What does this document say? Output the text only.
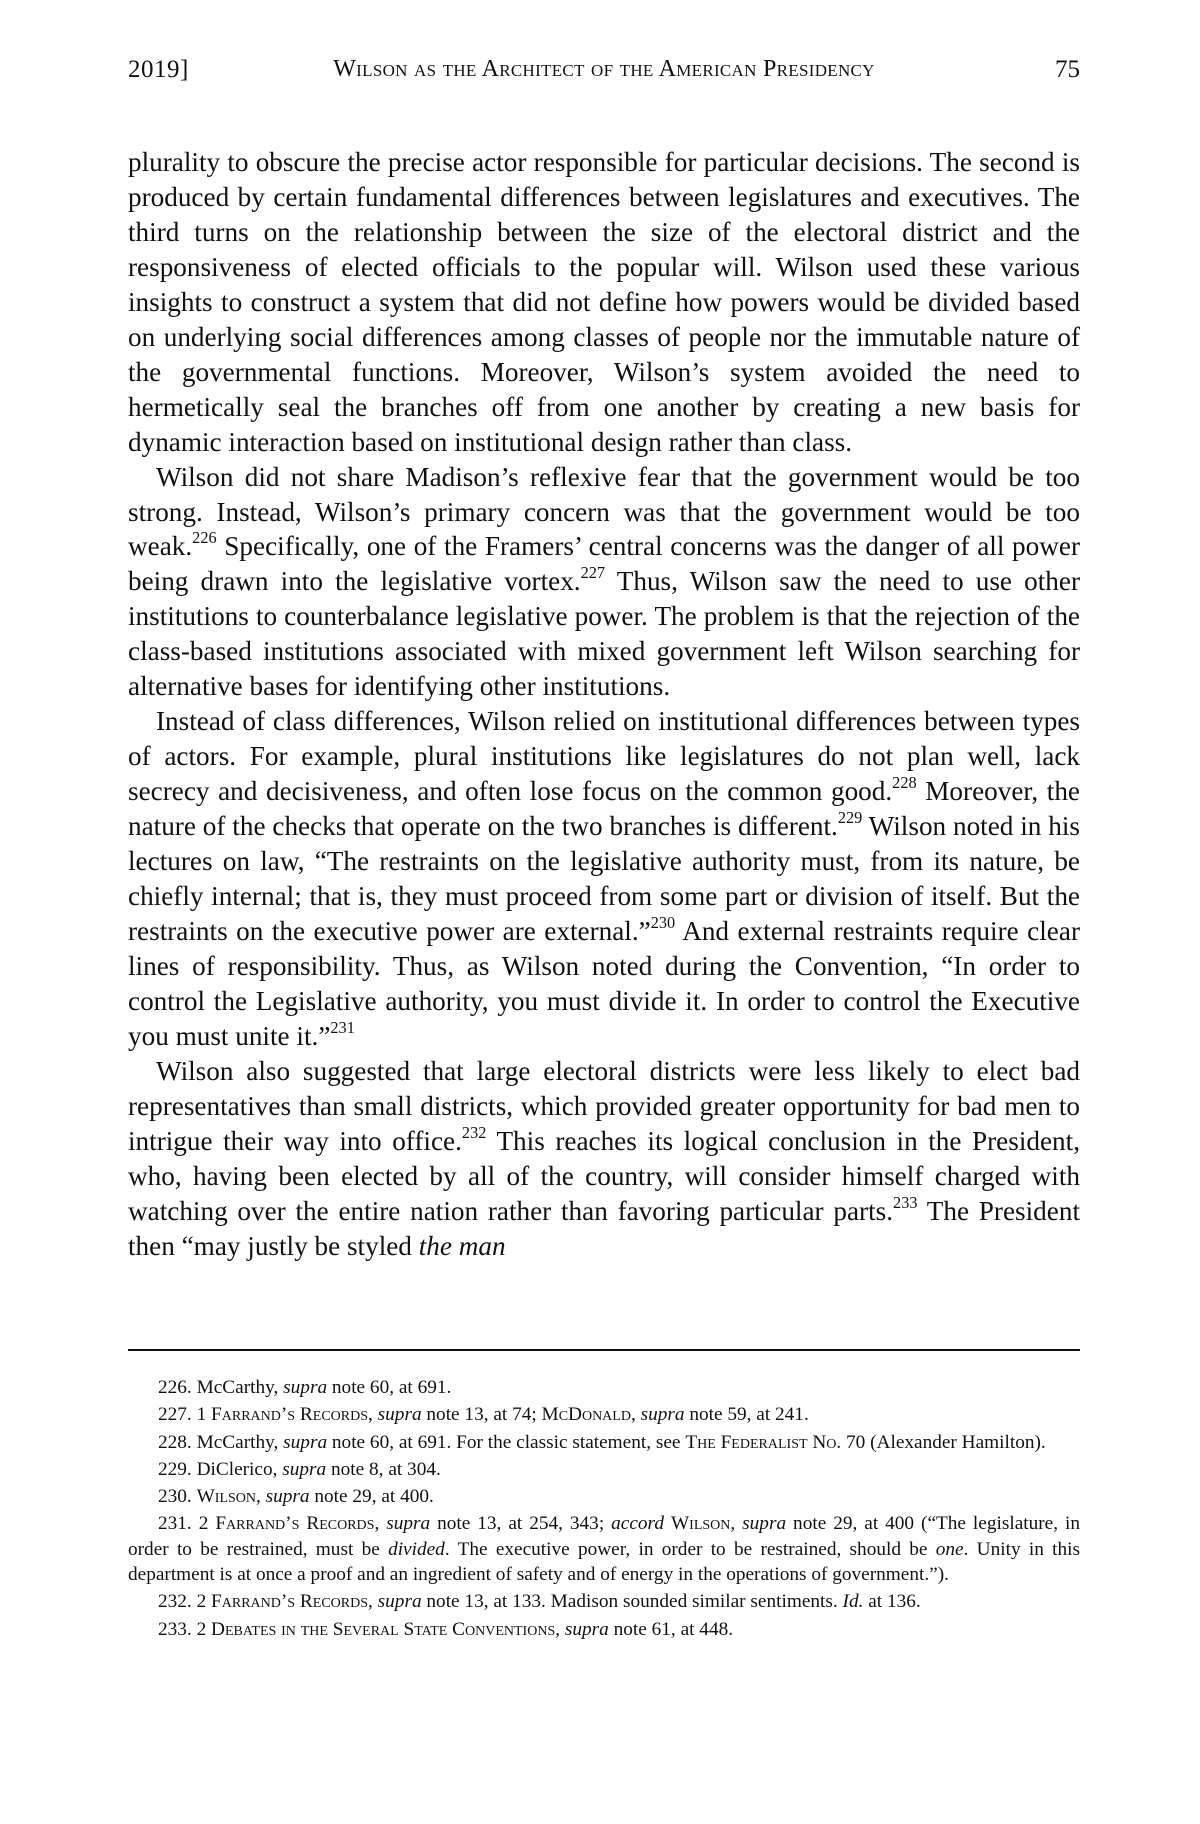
2019]	Wilson as the Architect of the American Presidency	75

plurality to obscure the precise actor responsible for particular decisions. The second is produced by certain fundamental differences between legislatures and executives. The third turns on the relationship between the size of the electoral district and the responsiveness of elected officials to the popular will. Wilson used these various insights to construct a system that did not define how powers would be divided based on underlying social differences among classes of people nor the immutable nature of the governmental functions. Moreover, Wilson’s system avoided the need to hermetically seal the branches off from one another by creating a new basis for dynamic interaction based on institutional design rather than class.

Wilson did not share Madison’s reflexive fear that the government would be too strong. Instead, Wilson’s primary concern was that the government would be too weak.$^{226}$ Specifically, one of the Framers’ central concerns was the danger of all power being drawn into the legislative vortex.$^{227}$ Thus, Wilson saw the need to use other institutions to counterbalance legislative power. The problem is that the rejection of the class-based institutions associated with mixed government left Wilson searching for alternative bases for identifying other institutions.

Instead of class differences, Wilson relied on institutional differences between types of actors. For example, plural institutions like legislatures do not plan well, lack secrecy and decisiveness, and often lose focus on the common good.$^{228}$ Moreover, the nature of the checks that operate on the two branches is different.$^{229}$ Wilson noted in his lectures on law, “The restraints on the legislative authority must, from its nature, be chiefly internal; that is, they must proceed from some part or division of itself. But the restraints on the executive power are external.”$^{230}$ And external restraints require clear lines of responsibility. Thus, as Wilson noted during the Convention, “In order to control the Legislative authority, you must divide it. In order to control the Executive you must unite it.”$^{231}$

Wilson also suggested that large electoral districts were less likely to elect bad representatives than small districts, which provided greater opportunity for bad men to intrigue their way into office.$^{232}$ This reaches its logical conclusion in the President, who, having been elected by all of the country, will consider himself charged with watching over the entire nation rather than favoring particular parts.$^{233}$ The President then “may justly be styled the man

226. McCarthy, supra note 60, at 691.

227. 1 Farrand’s Records, supra note 13, at 74; McDonald, supra note 59, at 241.

228. McCarthy, supra note 60, at 691. For the classic statement, see The Federalist No. 70 (Alexander Hamilton).

229. DiClerico, supra note 8, at 304.

230. Wilson, supra note 29, at 400.

231. 2 Farrand’s Records, supra note 13, at 254, 343; accord Wilson, supra note 29, at 400 (“The legislature, in order to be restrained, must be divided. The executive power, in order to be restrained, should be one. Unity in this department is at once a proof and an ingredient of safety and of energy in the operations of government.”).

232. 2 Farrand’s Records, supra note 13, at 133. Madison sounded similar sentiments. Id. at 136.

233. 2 Debates in the Several State Conventions, supra note 61, at 448.
